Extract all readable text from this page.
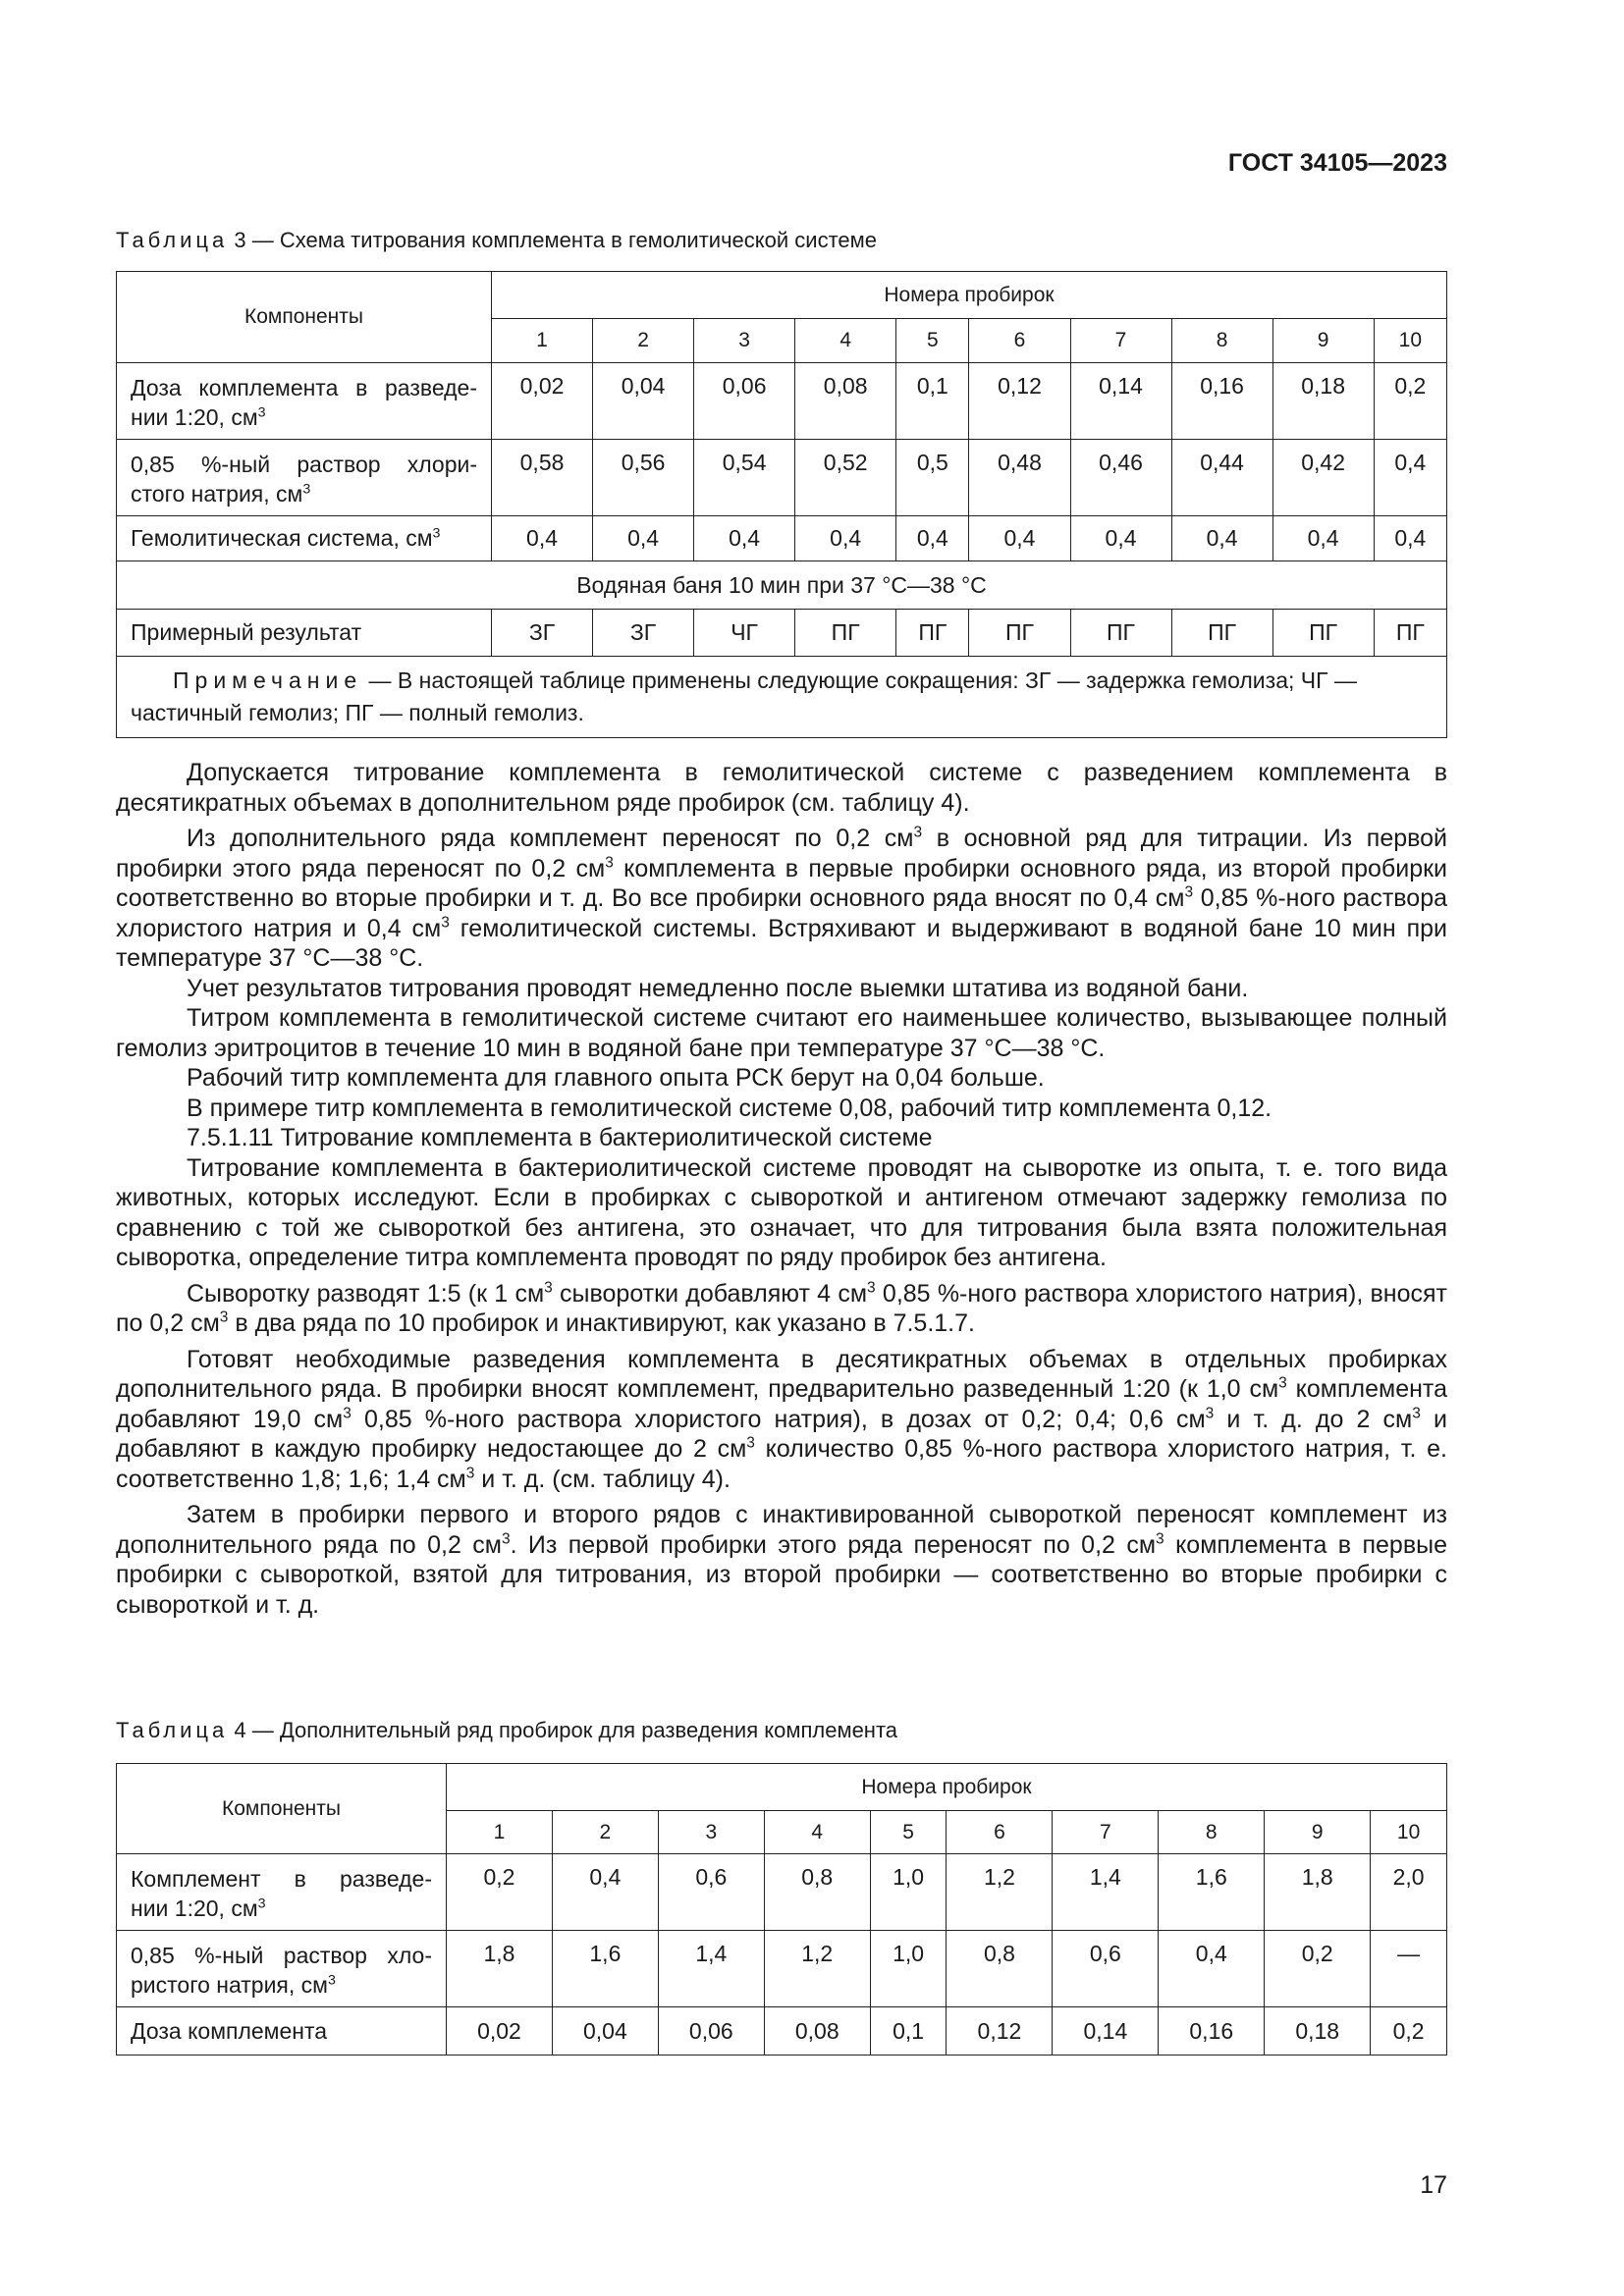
ГОСТ 34105—2023
Таблица 3 — Схема титрования комплемента в гемолитической системе
Компоненты	Номера пробирок									
	1	2	3	4	5	6	7	8	9	10

Доза комплемента в разведе-
нии 1:20, $см^3$	0,02	0,04	0,06	0,08	0,1	0,12	0,14	0,16	0,18	0,2

0,85 %-ный раствор хлори-
стого натрия, $см^3$	0,58	0,56	0,54	0,52	0,5	0,48	0,46	0,44	0,42	0,4

Гемолитическая система, $см^3$	0,4	0,4	0,4	0,4	0,4	0,4	0,4	0,4	0,4	0,4
Водяная баня 10 мин при 37 °С—38 °С										
Примерный результат	ЗГ	ЗГ	ЧГ	ПГ	ПГ	ПГ	ПГ	ПГ	ПГ	ПГ
Примечание — В настоящей таблице применены следующие сокращения: ЗГ — задержка гемолиза; ЧГ — частичный гемолиз; ПГ — полный гемолиз.										

Допускается титрование комплемента в гемолитической системе с разведением комплемента в десятикратных объемах в дополнительном ряде пробирок (см. таблицу 4).

Из дополнительного ряда комплемент переносят по 0,2 $см^3$ в основной ряд для титрации. Из первой пробирки этого ряда переносят по 0,2 $см^3$ комплемента в первые пробирки основного ряда, из второй пробирки соответственно во вторые пробирки и т. д. Во все пробирки основного ряда вносят по 0,4 $см^3$ 0,85 %-ного раствора хлористого натрия и 0,4 $см^3$ гемолитической системы. Встряхивают и выдерживают в водяной бане 10 мин при температуре 37 °С—38 °С.

Учет результатов титрования проводят немедленно после выемки штатива из водяной бани.

Титром комплемента в гемолитической системе считают его наименьшее количество, вызывающее полный гемолиз эритроцитов в течение 10 мин в водяной бане при температуре 37 °С—38 °С.

Рабочий титр комплемента для главного опыта РСК берут на 0,04 больше.

В примере титр комплемента в гемолитической системе 0,08, рабочий титр комплемента 0,12.

7.5.1.11 Титрование комплемента в бактериолитической системе

Титрование комплемента в бактериолитической системе проводят на сыворотке из опыта, т. е. того вида животных, которых исследуют. Если в пробирках с сывороткой и антигеном отмечают задержку гемолиза по сравнению с той же сывороткой без антигена, это означает, что для титрования была взята положительная сыворотка, определение титра комплемента проводят по ряду пробирок без антигена.

Сыворотку разводят 1:5 (к 1 $см^3$ сыворотки добавляют 4 $см^3$ 0,85 %-ного раствора хлористого натрия), вносят по 0,2 $см^3$ в два ряда по 10 пробирок и инактивируют, как указано в 7.5.1.7.

Готовят необходимые разведения комплемента в десятикратных объемах в отдельных пробирках дополнительного ряда. В пробирки вносят комплемент, предварительно разведенный 1:20 (к 1,0 $см^3$ комплемента добавляют 19,0 $см^3$ 0,85 %-ного раствора хлористого натрия), в дозах от 0,2; 0,4; 0,6 $см^3$ и т. д. до 2 $см^3$ и добавляют в каждую пробирку недостающее до 2 $см^3$ количество 0,85 %-ного раствора хлористого натрия, т. е. соответственно 1,8; 1,6; 1,4 $см^3$ и т. д. (см. таблицу 4).

Затем в пробирки первого и второго рядов с инактивированной сывороткой переносят комплемент из дополнительного ряда по 0,2 $см^3$. Из первой пробирки этого ряда переносят по 0,2 $см^3$ комплемента в первые пробирки с сывороткой, взятой для титрования, из второй пробирки — соответственно во вторые пробирки с сывороткой и т. д.

Таблица 4 — Дополнительный ряд пробирок для разведения комплемента
Компоненты	Номера пробирок									
	1	2	3	4	5	6	7	8	9	10

Комплемент в разведе-
нии 1:20, $см^3$	0,2	0,4	0,6	0,8	1,0	1,2	1,4	1,6	1,8	2,0

0,85 %-ный раствор хло-
ристого натрия, $см^3$	1,8	1,6	1,4	1,2	1,0	0,8	0,6	0,4	0,2	—

Доза комплемента	0,02	0,04	0,06	0,08	0,1	0,12	0,14	0,16	0,18	0,2
17
